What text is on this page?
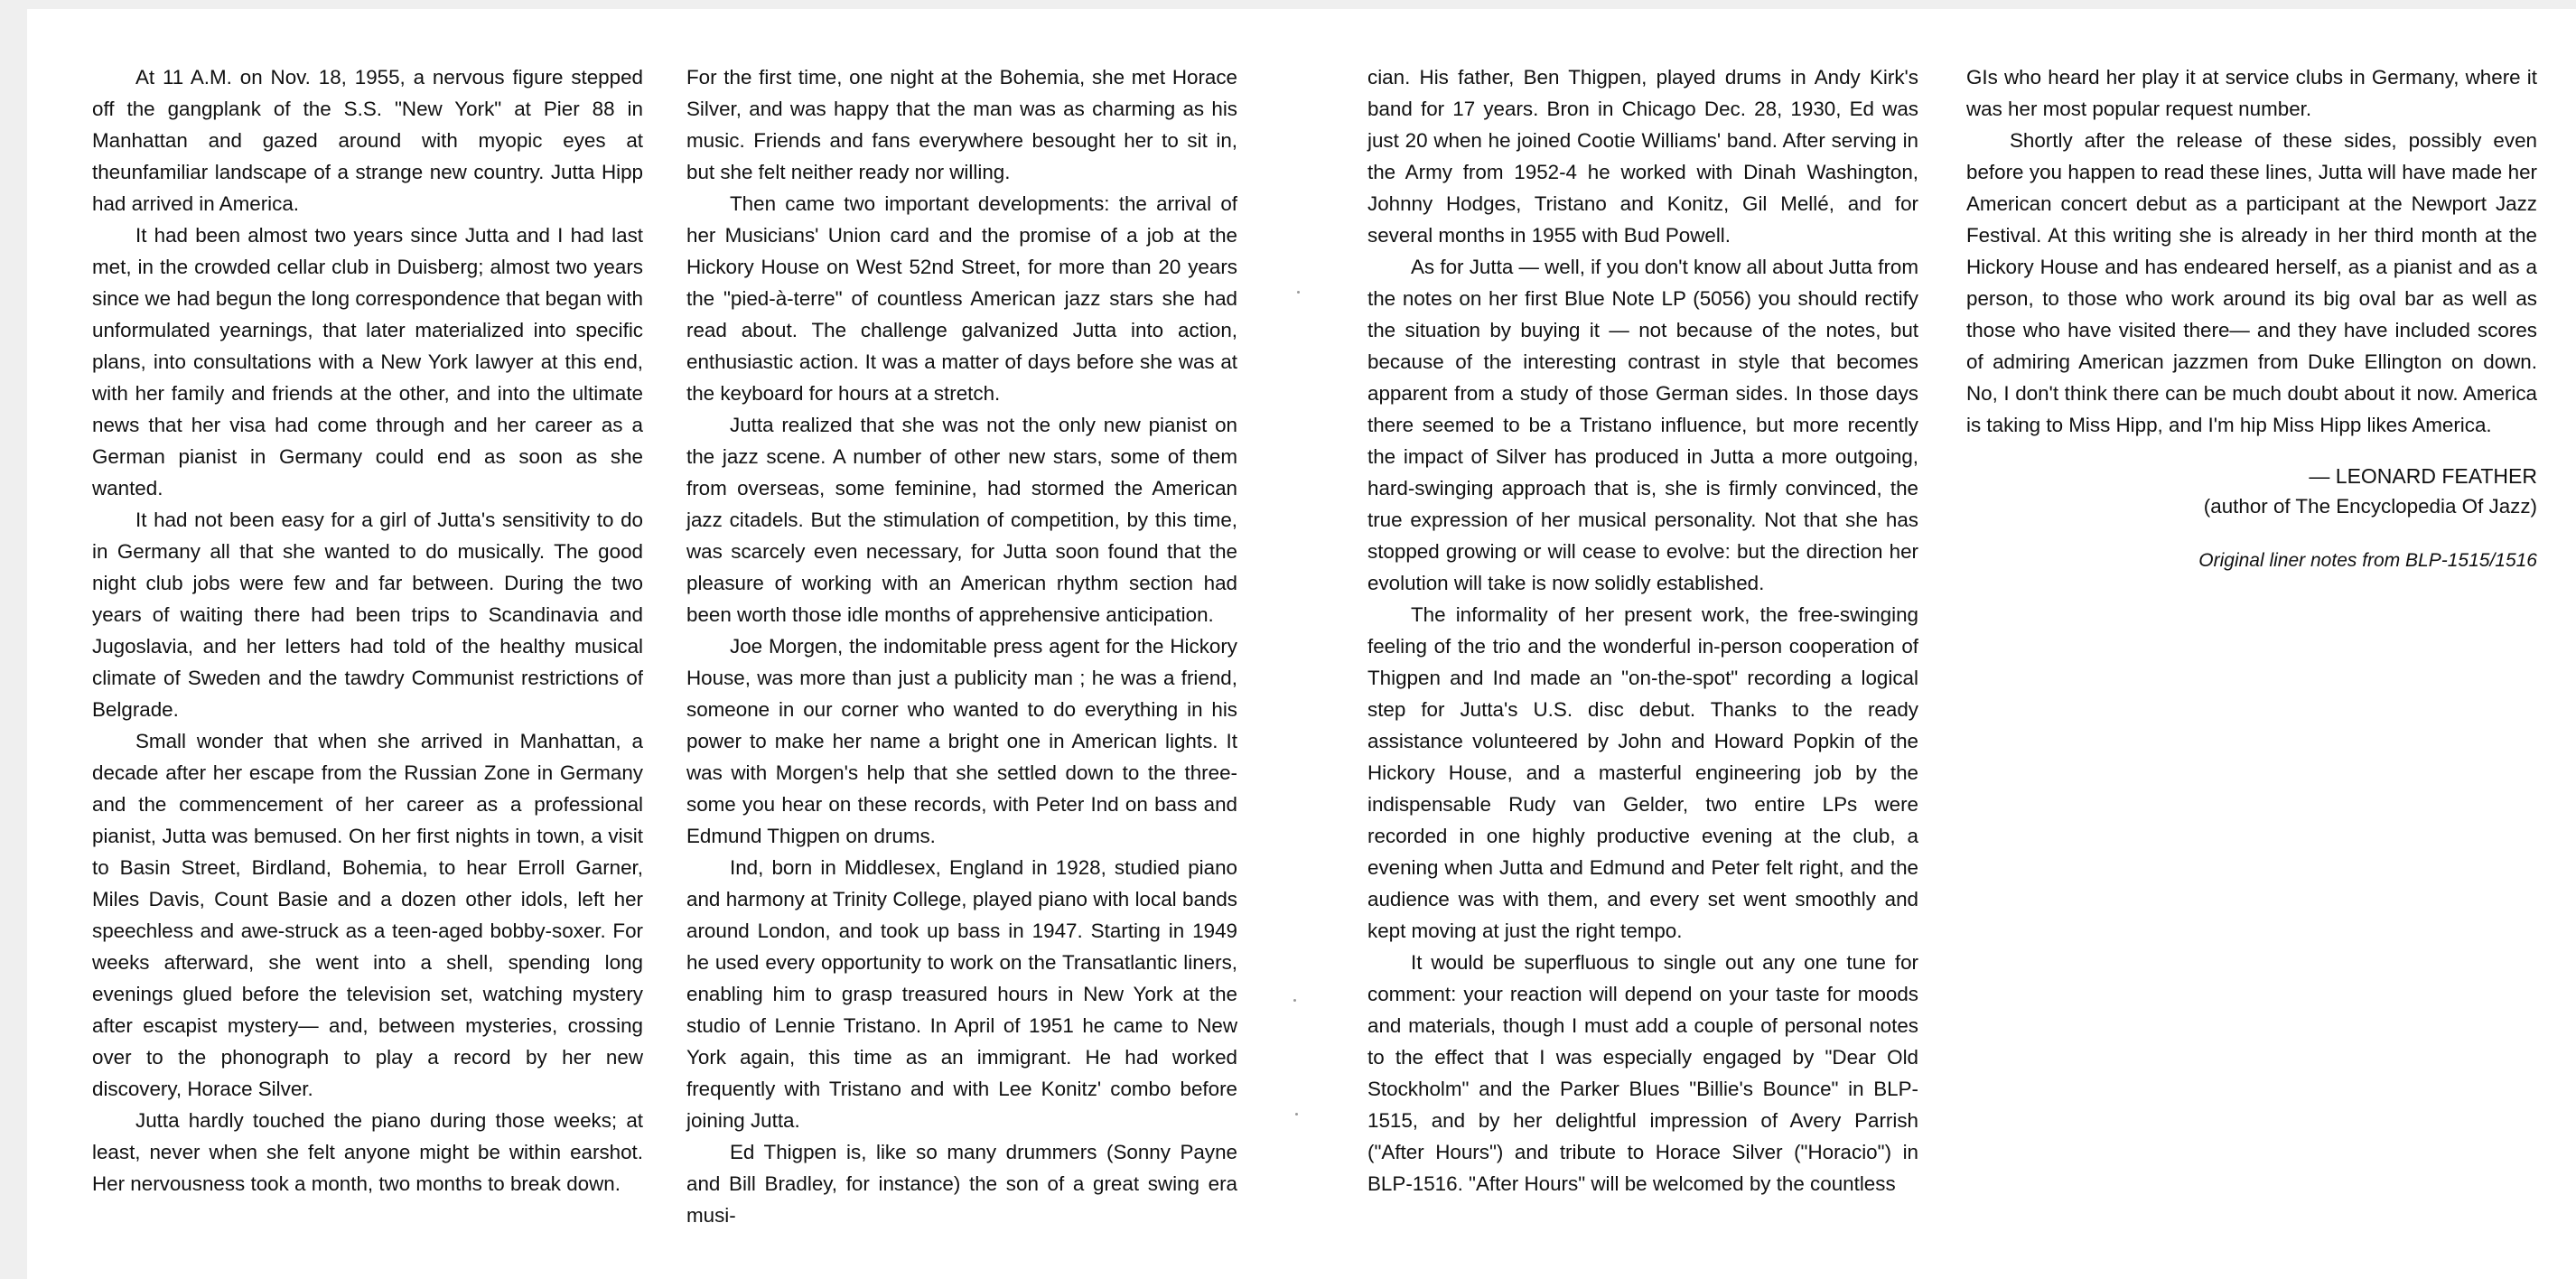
At 11 A.M. on Nov. 18, 1955, a nervous figure stepped off the gangplank of the S.S. "New York" at Pier 88 in Manhattan and gazed around with myopic eyes at theunfamiliar landscape of a strange new country. Jutta Hipp had arrived in America.

It had been almost two years since Jutta and I had last met, in the crowded cellar club in Duisberg; almost two years since we had begun the long correspondence that began with unformulated yearnings, that later materialized into specific plans, into consultations with a New York lawyer at this end, with her family and friends at the other, and into the ultimate news that her visa had come through and her career as a German pianist in Germany could end as soon as she wanted.

It had not been easy for a girl of Jutta's sensitivity to do in Germany all that she wanted to do musically. The good night club jobs were few and far between. During the two years of waiting there had been trips to Scandinavia and Jugoslavia, and her letters had told of the healthy musical climate of Sweden and the tawdry Communist restrictions of Belgrade.

Small wonder that when she arrived in Manhattan, a decade after her escape from the Russian Zone in Germany and the commencement of her career as a professional pianist, Jutta was bemused. On her first nights in town, a visit to Basin Street, Birdland, Bohemia, to hear Erroll Garner, Miles Davis, Count Basie and a dozen other idols, left her speechless and awe-struck as a teen-aged bobby-soxer. For weeks afterward, she went into a shell, spending long evenings glued before the television set, watching mystery after escapist mystery— and, between mysteries, crossing over to the phonograph to play a record by her new discovery, Horace Silver.

Jutta hardly touched the piano during those weeks; at least, never when she felt anyone might be within earshot. Her nervousness took a month, two months to break down.

For the first time, one night at the Bohemia, she met Horace Silver, and was happy that the man was as charming as his music. Friends and fans everywhere besought her to sit in, but she felt neither ready nor willing.

Then came two important developments: the arrival of her Musicians' Union card and the promise of a job at the Hickory House on West 52nd Street, for more than 20 years the "pied-à-terre" of countless American jazz stars she had read about. The challenge galvanized Jutta into action, enthusiastic action. It was a matter of days before she was at the keyboard for hours at a stretch.

Jutta realized that she was not the only new pianist on the jazz scene. A number of other new stars, some of them from overseas, some feminine, had stormed the American jazz citadels. But the stimulation of competition, by this time, was scarcely even necessary, for Jutta soon found that the pleasure of working with an American rhythm section had been worth those idle months of apprehensive anticipation.

Joe Morgen, the indomitable press agent for the Hickory House, was more than just a publicity man ; he was a friend, someone in our corner who wanted to do everything in his power to make her name a bright one in American lights. It was with Morgen's help that she settled down to the three-some you hear on these records, with Peter Ind on bass and Edmund Thigpen on drums.

Ind, born in Middlesex, England in 1928, studied piano and harmony at Trinity College, played piano with local bands around London, and took up bass in 1947. Starting in 1949 he used every opportunity to work on the Transatlantic liners, enabling him to grasp treasured hours in New York at the studio of Lennie Tristano. In April of 1951 he came to New York again, this time as an immigrant. He had worked frequently with Tristano and with Lee Konitz' combo before joining Jutta.

Ed Thigpen is, like so many drummers (Sonny Payne and Bill Bradley, for instance) the son of a great swing era musi-

cian. His father, Ben Thigpen, played drums in Andy Kirk's band for 17 years. Bron in Chicago Dec. 28, 1930, Ed was just 20 when he joined Cootie Williams' band. After serving in the Army from 1952-4 he worked with Dinah Washington, Johnny Hodges, Tristano and Konitz, Gil Mellé, and for several months in 1955 with Bud Powell.

As for Jutta — well, if you don't know all about Jutta from the notes on her first Blue Note LP (5056) you should rectify the situation by buying it — not because of the notes, but because of the interesting contrast in style that becomes apparent from a study of those German sides. In those days there seemed to be a Tristano influence, but more recently the impact of Silver has produced in Jutta a more outgoing, hard-swinging approach that is, she is firmly convinced, the true expression of her musical personality. Not that she has stopped growing or will cease to evolve: but the direction her evolution will take is now solidly established.

The informality of her present work, the free-swinging feeling of the trio and the wonderful in-person cooperation of Thigpen and Ind made an "on-the-spot" recording a logical step for Jutta's U.S. disc debut. Thanks to the ready assistance volunteered by John and Howard Popkin of the Hickory House, and a masterful engineering job by the indispensable Rudy van Gelder, two entire LPs were recorded in one highly productive evening at the club, a evening when Jutta and Edmund and Peter felt right, and the audience was with them, and every set went smoothly and kept moving at just the right tempo.

It would be superfluous to single out any one tune for comment: your reaction will depend on your taste for moods and materials, though I must add a couple of personal notes to the effect that I was especially engaged by "Dear Old Stockholm" and the Parker Blues "Billie's Bounce" in BLP-1515, and by her delightful impression of Avery Parrish ("After Hours") and tribute to Horace Silver ("Horacio") in BLP-1516. "After Hours" will be welcomed by the countless

GIs who heard her play it at service clubs in Germany, where it was her most popular request number.

Shortly after the release of these sides, possibly even before you happen to read these lines, Jutta will have made her American concert debut as a participant at the Newport Jazz Festival. At this writing she is already in her third month at the Hickory House and has endeared herself, as a pianist and as a person, to those who work around its big oval bar as well as those who have visited there— and they have included scores of admiring American jazzmen from Duke Ellington on down. No, I don't think there can be much doubt about it now. America is taking to Miss Hipp, and I'm hip Miss Hipp likes America.

— LEONARD FEATHER
(author of The Encyclopedia Of Jazz)
Original liner notes from BLP-1515/1516
